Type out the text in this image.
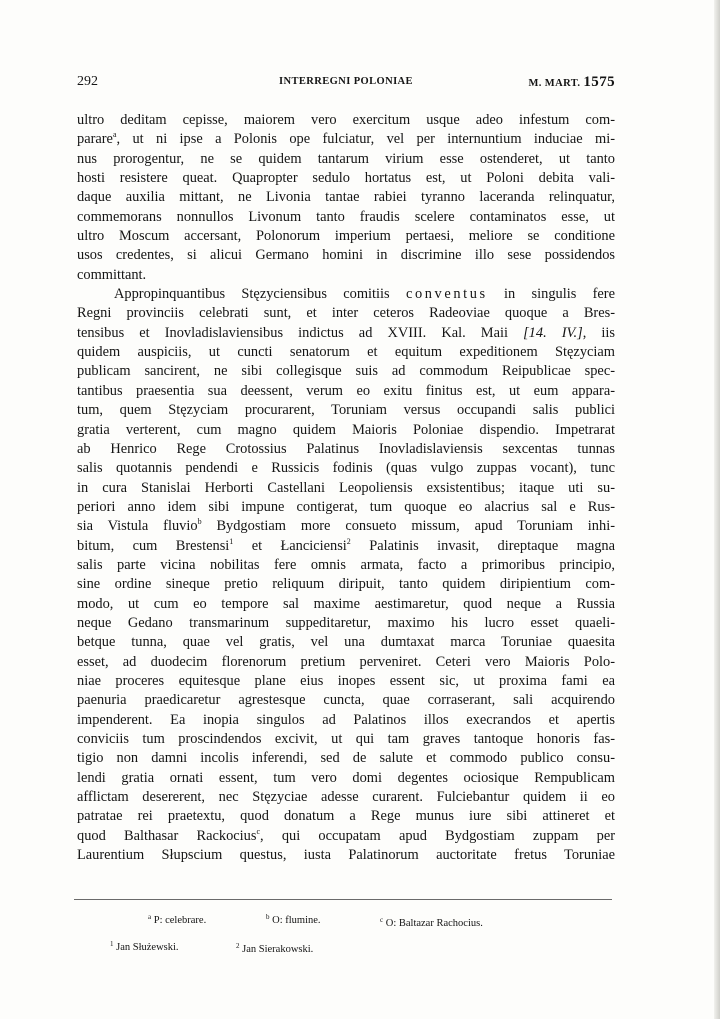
292	INTERREGNI POLONIAE	M. MART. 1575
ultro deditam cepisse, maiorem vero exercitum usque adeo infestum com-
parare$^a$, ut ni ipse a Polonis ope fulciatur, vel per internuntium induciae mi-
nus prorogentur, ne se quidem tantarum virium esse ostenderet, ut tanto
hosti resistere queat. Quapropter sedulo hortatus est, ut Poloni debita vali-
daque auxilia mittant, ne Livonia tantae rabiei tyranno laceranda relinquatur,
commemorans nonnullos Livonum tanto fraudis scelere contaminatos esse, ut
ultro Moscum accersant, Polonorum imperium pertaesi, meliore se conditione
usos credentes, si alicui Germano homini in discrimine illo sese possidendos
committant.
Appropinquantibus Stęzyciensibus comitiis conventus in singulis fere
Regni provinciis celebrati sunt, et inter ceteros Radeoviae quoque a Bres-
tensibus et Inovladislaviensibus indictus ad XVIII. Kal. Maii [14. IV.], iis
quidem auspiciis, ut cuncti senatorum et equitum expeditionem Stęzyciam
publicam sancirent, ne sibi collegisque suis ad commodum Reipublicae spec-
tantibus praesentia sua deessent, verum eo exitu finitus est, ut eum appara-
tum, quem Stęzyciam procurarent, Toruniam versus occupandi salis publici
gratia verterent, cum magno quidem Maioris Poloniae dispendio. Impetrarat
ab Henrico Rege Crotossius Palatinus Inovladislaviensis sexcentas tunnas
salis quotannis pendendi e Russicis fodinis (quas vulgo zuppas vocant), tunc
in cura Stanislai Herborti Castellani Leopoliensis exsistentibus; itaque uti su-
periori anno idem sibi impune contigerat, tum quoque eo alacrius sal e Rus-
sia Vistula fluvio$^b$ Bydgostiam more consueto missum, apud Toruniam inhi-
bitum, cum Brestensi$^1$ et Łanciciensi$^2$ Palatinis invasit, direptaque magna
salis parte vicina nobilitas fere omnis armata, facto a primoribus principio,
sine ordine sineque pretio reliquum diripuit, tanto quidem diripientium com-
modo, ut cum eo tempore sal maxime aestimaretur, quod neque a Russia
neque Gedano transmarinum suppeditaretur, maximo his lucro esset quaeli-
betque tunna, quae vel gratis, vel una dumtaxat marca Toruniae quaesita
esset, ad duodecim florenorum pretium perveniret. Ceteri vero Maioris Polo-
niae proceres equitesque plane eius inopes essent sic, ut proxima fami ea
paenuria praedicaretur agrestesque cuncta, quae corraserant, sali acquirendo
impenderent. Ea inopia singulos ad Palatinos illos execrandos et apertis
conviciis tum proscindendos excivit, ut qui tam graves tantoque honoris fas-
tigio non damni incolis inferendi, sed de salute et commodo publico consu-
lendi gratia ornati essent, tum vero domi degentes ociosique Rempublicam
afflictam desererent, nec Stęzyciae adesse curarent. Fulciebantur quidem ii eo
patratae rei praetextu, quod donatum a Rege munus iure sibi attineret et
quod Balthasar Rackocius$^c$, qui occupatam apud Bydgostiam zuppam per
Laurentium Słupscium questus, iusta Palatinorum auctoritate fretus Toruniae
$^a$ P: celebrare.	$^b$ O: flumine.	$^c$ O: Baltazar Rachocius.
$^1$ Jan Służewski.	$^2$ Jan Sierakowski.
